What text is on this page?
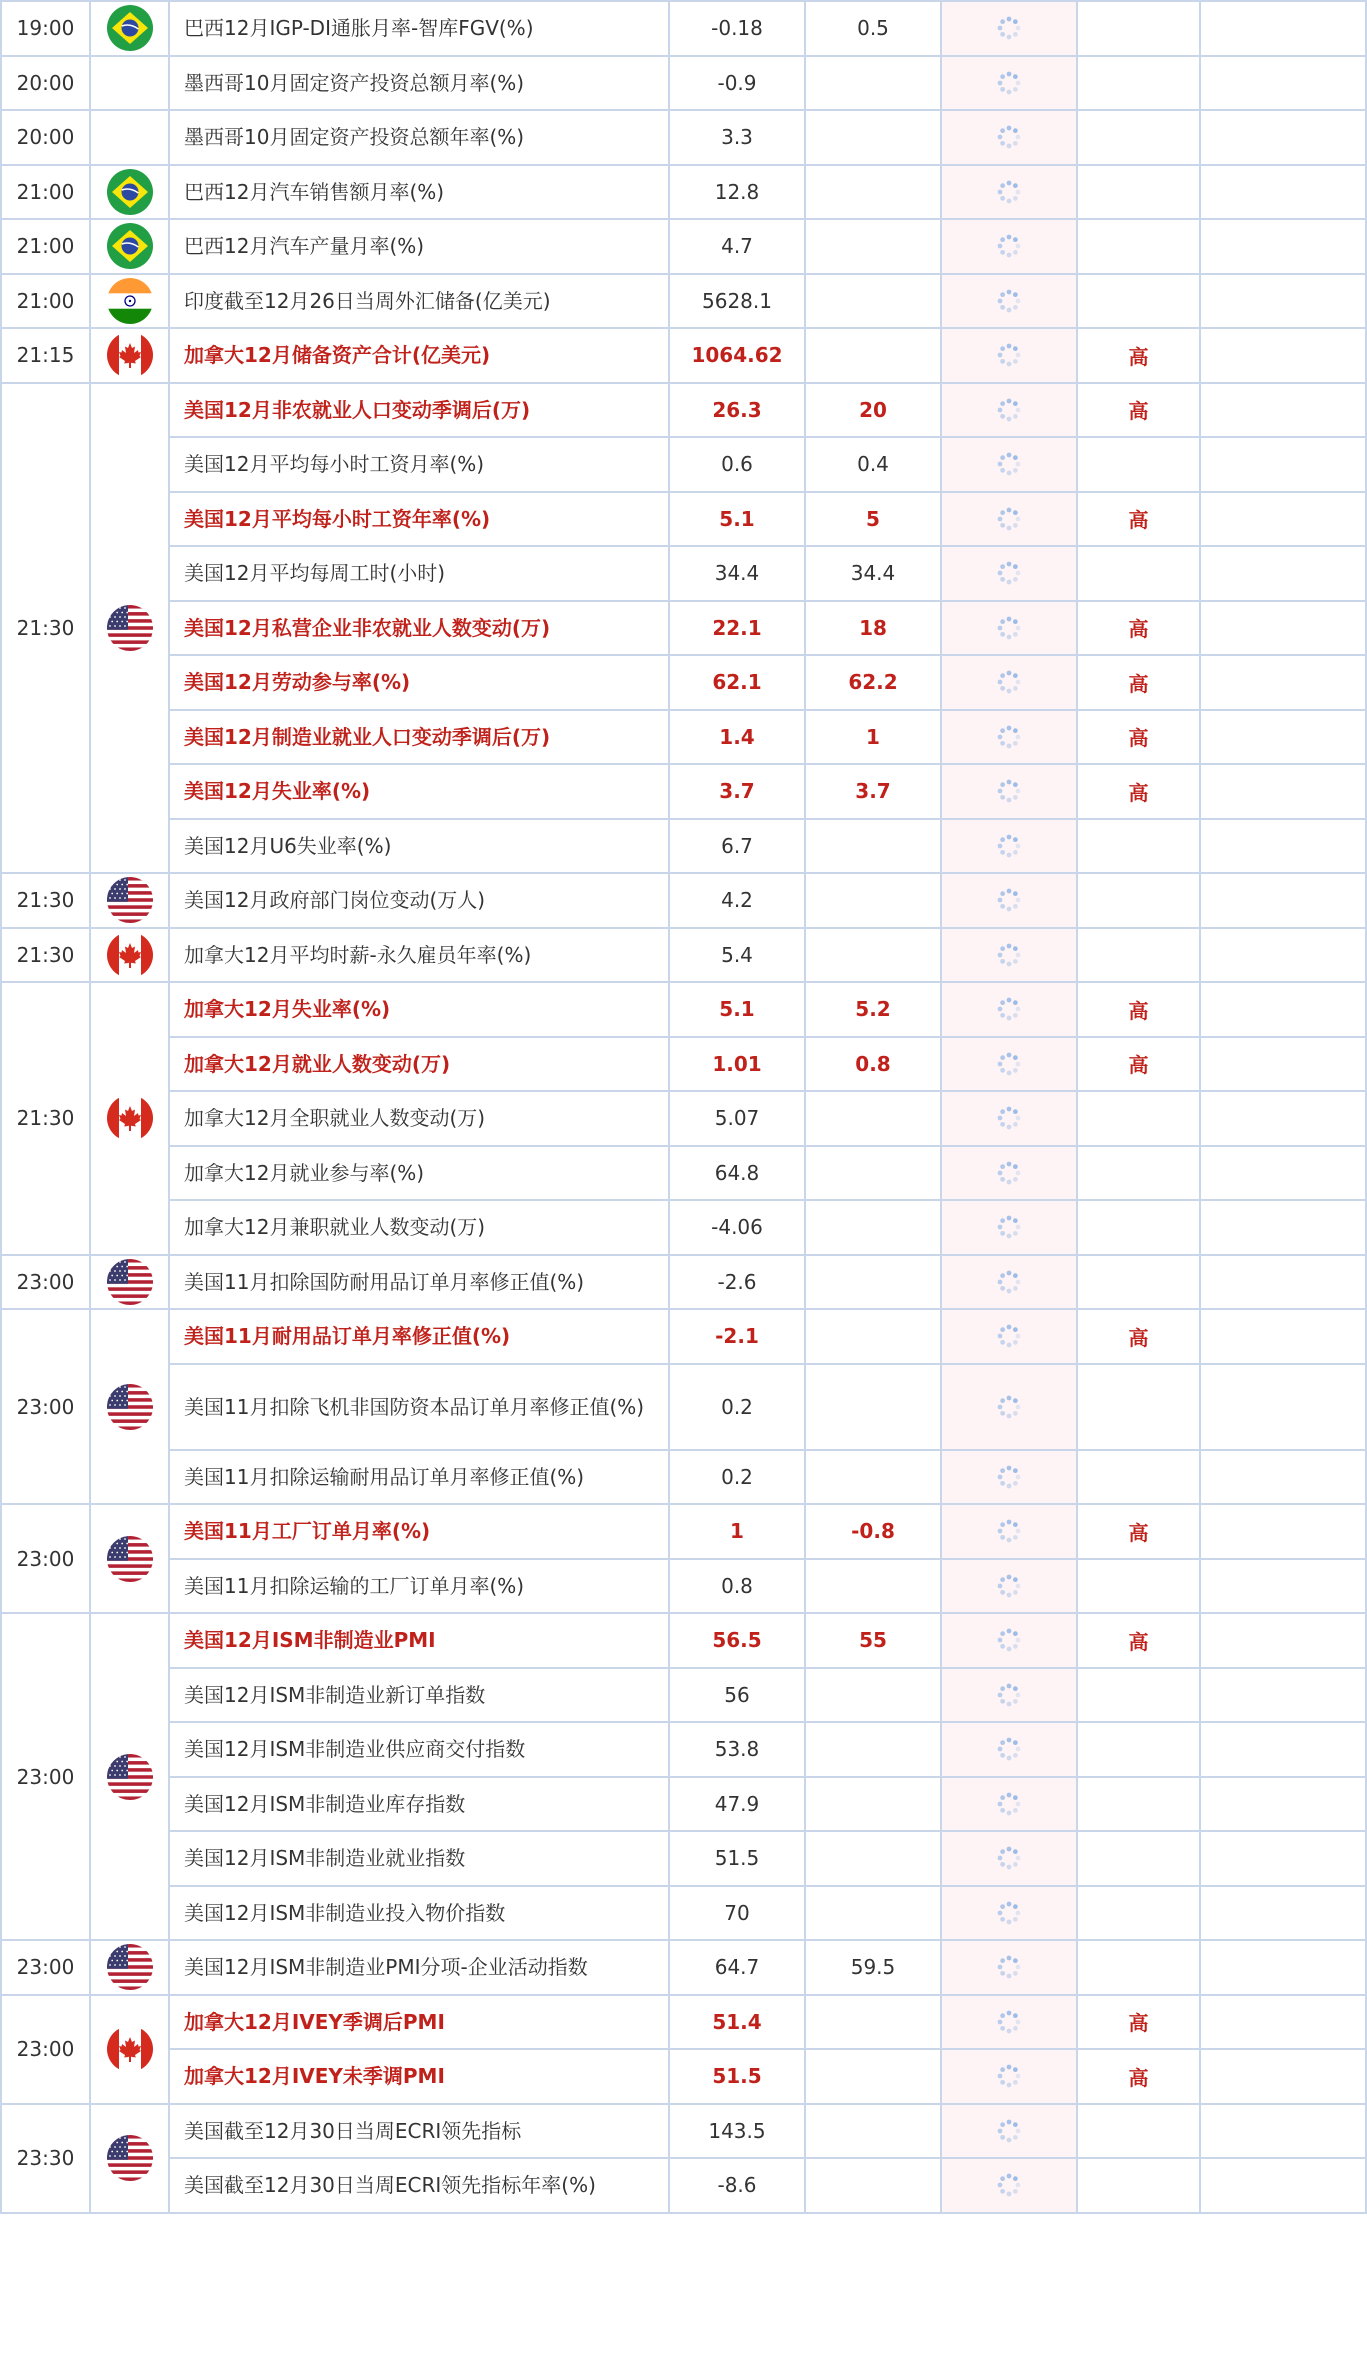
19:00		巴西12月IGP-DI通胀月率-智库FGV(%)	-0.18	0.5			
20:00		墨西哥10月固定资产投资总额月率(%)	-0.9				
20:00		墨西哥10月固定资产投资总额年率(%)	3.3				
21:00		巴西12月汽车销售额月率(%)	12.8				
21:00		巴西12月汽车产量月率(%)	4.7				
21:00		印度截至12月26日当周外汇储备(亿美元)	5628.1				
21:15		加拿大12月储备资产合计(亿美元)	1064.62			高	
21:30		美国12月非农就业人口变动季调后(万)	26.3	20		高	
		美国12月平均每小时工资月率(%)	0.6	0.4			
		美国12月平均每小时工资年率(%)	5.1	5		高	
		美国12月平均每周工时(小时)	34.4	34.4			
		美国12月私营企业非农就业人数变动(万)	22.1	18		高	
		美国12月劳动参与率(%)	62.1	62.2		高	
		美国12月制造业就业人口变动季调后(万)	1.4	1		高	
		美国12月失业率(%)	3.7	3.7		高	
		美国12月U6失业率(%)	6.7				
21:30		美国12月政府部门岗位变动(万人)	4.2				
21:30		加拿大12月平均时薪-永久雇员年率(%)	5.4				
21:30		加拿大12月失业率(%)	5.1	5.2		高	
		加拿大12月就业人数变动(万)	1.01	0.8		高	
		加拿大12月全职就业人数变动(万)	5.07				
		加拿大12月就业参与率(%)	64.8				
		加拿大12月兼职就业人数变动(万)	-4.06				
23:00		美国11月扣除国防耐用品订单月率修正值(%)	-2.6				
23:00		美国11月耐用品订单月率修正值(%)	-2.1			高	
		美国11月扣除飞机非国防资本品订单月率修正值(%)	0.2				
		美国11月扣除运输耐用品订单月率修正值(%)	0.2				
23:00		美国11月工厂订单月率(%)	1	-0.8		高	
		美国11月扣除运输的工厂订单月率(%)	0.8				
23:00		美国12月ISM非制造业PMI	56.5	55		高	
		美国12月ISM非制造业新订单指数	56				
		美国12月ISM非制造业供应商交付指数	53.8				
		美国12月ISM非制造业库存指数	47.9				
		美国12月ISM非制造业就业指数	51.5				
		美国12月ISM非制造业投入物价指数	70				
23:00		美国12月ISM非制造业PMI分项-企业活动指数	64.7	59.5			
23:00		加拿大12月IVEY季调后PMI	51.4			高	
		加拿大12月IVEY未季调PMI	51.5			高	
23:30		美国截至12月30日当周ECRI领先指标	143.5				
		美国截至12月30日当周ECRI领先指标年率(%)	-8.6				
